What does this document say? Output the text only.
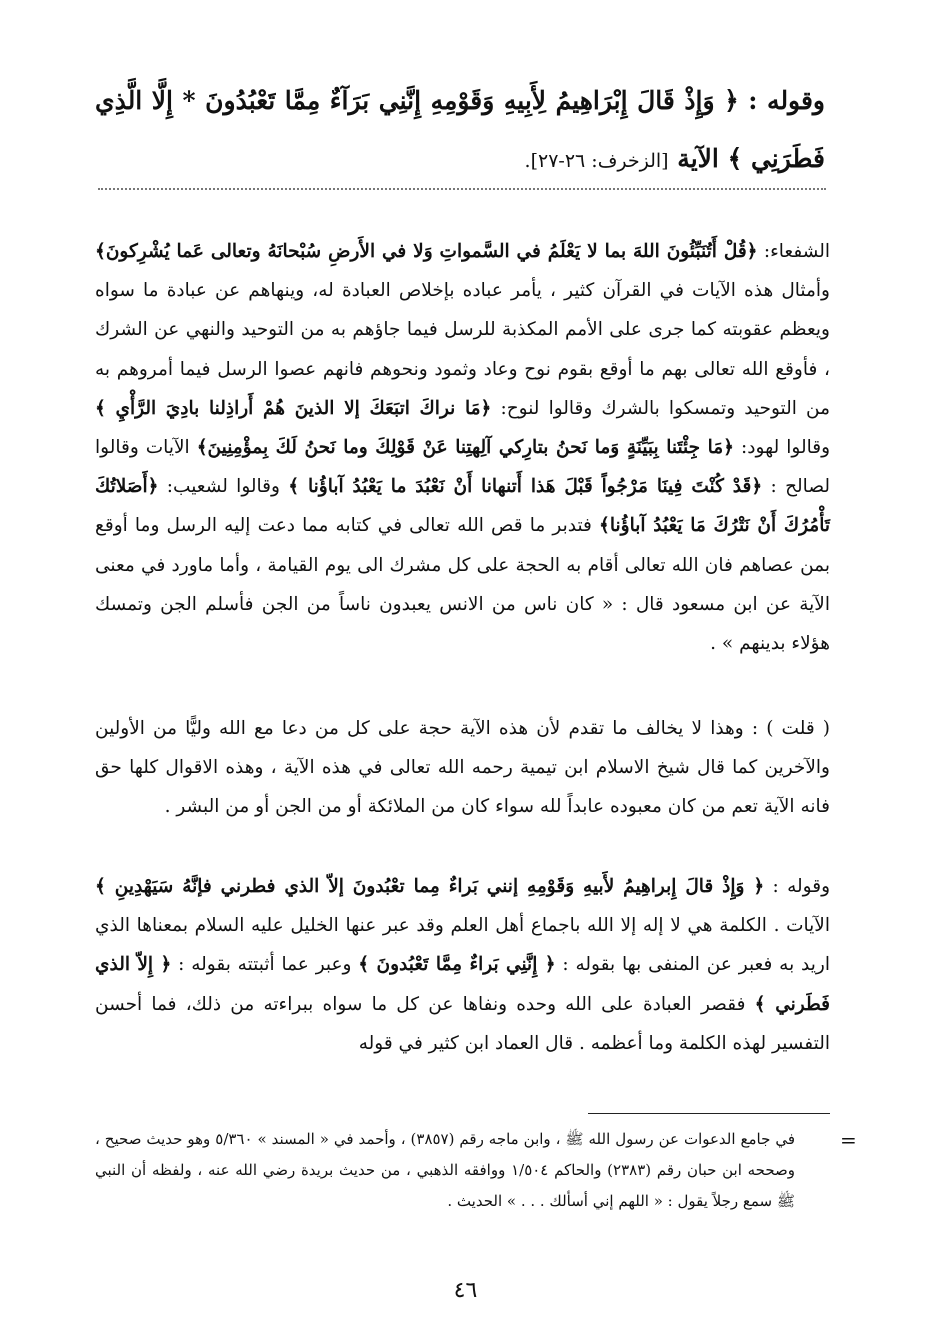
وقوله : ﴿ وَإِذْ قَالَ إِبْرَاهِيمُ لِأَبِيهِ وَقَوْمِهِ إِنَّنِي بَرَآءٌ مِمَّا تَعْبُدُونَ * إِلَّا الَّذِي فَطَرَنِي ﴾ الآية [الزخرف: ٢٦-٢٧].
الشفعاء: ﴿قُلْ أَتُنَبِّئُونَ اللهَ بما لا يَعْلَمُ في السَّمواتِ وَلا في الأَرضِ سُبْحانَهُ وتعالى عَما يُشْرِكونَ﴾ وأمثال هذه الآيات في القرآن كثير ، يأمر عباده بإخلاص العبادة له، وينهاهم عن عبادة ما سواه ويعظم عقوبته كما جرى على الأمم المكذبة للرسل فيما جاؤهم به من التوحيد والنهي عن الشرك ، فأوقع الله تعالى بهم ما أوقع بقوم نوح وعاد وثمود ونحوهم فانهم عصوا الرسل فيما أمروهم به من التوحيد وتمسكوا بالشرك وقالوا لنوح: ﴿مَا نراكَ اتبَعَكَ إلا الذينَ هُمْ أَراذِلنا بادِيَ الرَّأْيِ ﴾ وقالوا لهود: ﴿مَا جِئْتَنا بِبَيِّنَةٍ وَما نَحنُ بتارِكي آلِهتِنا عَنْ قَوْلِكَ وما نَحنُ لَكَ بِمؤْمِنِينَ﴾ الآيات وقالوا لصالح : ﴿قَدْ كُنْتَ فِينَا مَرْجُواً قَبْلَ هَذا أَتنهانا أَنْ نَعْبُدَ ما يَعْبُدُ آباؤُنا ﴾ وقالوا لشعيب: ﴿أَصَلاتُكَ تَأْمُرُكَ أَنْ نَتْرُكَ مَا يَعْبُدُ آباؤُنا﴾ فتدبر ما قص الله تعالى في كتابه مما دعت إليه الرسل وما أوقع بمن عصاهم فان الله تعالى أقام به الحجة على كل مشرك الى يوم القيامة ، وأما ماورد في معنى الآية عن ابن مسعود قال : « كان ناس من الانس يعبدون ناساً من الجن فأسلم الجن وتمسك هؤلاء بدينهم » .
( قلت ) : وهذا لا يخالف ما تقدم لأن هذه الآية حجة على كل من دعا مع الله وليًّا من الأولين والآخرين كما قال شيخ الاسلام ابن تيمية رحمه الله تعالى في هذه الآية ، وهذه الاقوال كلها حق فانه الآية تعم من كان معبوده عابداً لله سواء كان من الملائكة أو من الجن أو من البشر .
وقوله : ﴿ وَإِذْ قالَ إِبراهِيمُ لأَبيهِ وَقَوْمِهِ إنني بَراءٌ مِما تعْبُدونَ إلاّ الذي فطرني فإنَّهُ سَيَهْدِينِ ﴾ الآيات . الكلمة هي لا إله إلا الله باجماع أهل العلم وقد عبر عنها الخليل عليه السلام بمعناها الذي اريد به فعبر عن المنفى بها بقوله : ﴿ إِنَّنِي بَراءٌ مِمَّا تَعْبُدونَ ﴾ وعبر عما أثبتته بقوله : ﴿ إِلاّ الذي فَطَرني ﴾ فقصر العبادة على الله وحده ونفاها عن كل ما سواه ببراءته من ذلك، فما أحسن التفسير لهذه الكلمة وما أعظمه . قال العماد ابن كثير في قوله
=
في جامع الدعوات عن رسول الله ﷺ ، وابن ماجه رقم (٣٨٥٧) ، وأحمد في « المسند » ٥/٣٦٠ وهو حديث صحيح ، وصححه ابن حبان رقم (٢٣٨٣) والحاكم ١/٥٠٤ ووافقه الذهبي ، من حديث بريدة رضي الله عنه ، ولفظه أن النبي ﷺ سمع رجلاً يقول : « اللهم إني أسألك . . . » الحديث .
٤٦
